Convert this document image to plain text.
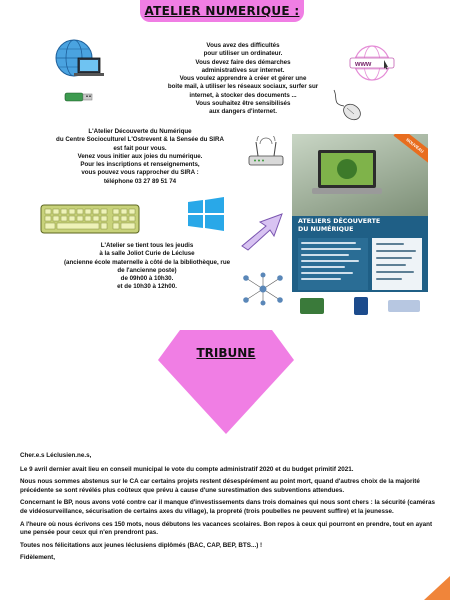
ATELIER NUMERIQUE :
www
Vous avez des difficultés
pour utiliser un ordinateur.
Vous devez faire des démarches
administratives sur internet.
Vous voulez apprendre à créer et gérer une
boite mail, à utiliser les réseaux sociaux, surfer sur
internet, à stocker des documents ...
Vous souhaitez être sensibilisés
aux dangers d'internet.
L'Atelier Découverte du Numérique
du Centre Socioculturel L'Ostrevent & la Sensée du SIRA
est fait pour vous.
Venez vous initier aux joies du numérique.
Pour les inscriptions et renseignements,
vous pouvez vous rapprocher du SIRA :
téléphone 03 27 89 51 74
L'Atelier se tient tous les jeudis
à la salle Joliot Curie de Lécluse
(ancienne école maternelle à côté de la bibliothèque, rue
de l'ancienne poste)
de 09h00 à 10h30.
et de 10h30 à 12h00.
NOUVEAU
ATELIERS DÉCOUVERTE
DU NUMÉRIQUE
TRIBUNE

Cher.e.s Léclusien.ne.s,

Le 9 avril dernier avait lieu en conseil municipal le vote du compte administratif 2020 et du budget primitif 2021.

Nous nous sommes abstenus sur le CA car certains projets restent désespérément au point mort, quand d'autres choix de la majorité précédente se sont révélés plus coûteux que prévu à cause d'une surestimation des subventions attendues.

Concernant le BP, nous avons voté contre car il manque d'investissements dans trois domaines qui nous sont chers : la sécurité (caméras de vidéosurveillance, sécurisation de certains axes du village), la propreté (trois poubelles ne peuvent suffire) et la jeunesse.

A l'heure où nous écrivons ces 150 mots, nous débutons les vacances scolaires. Bon repos à ceux qui pourront en prendre, tout en ayant une pensée pour ceux qui n'en prendront pas.

Toutes nos félicitations aux jeunes léclusiens diplômés (BAC, CAP, BEP, BTS...) !

Fidèlement,
